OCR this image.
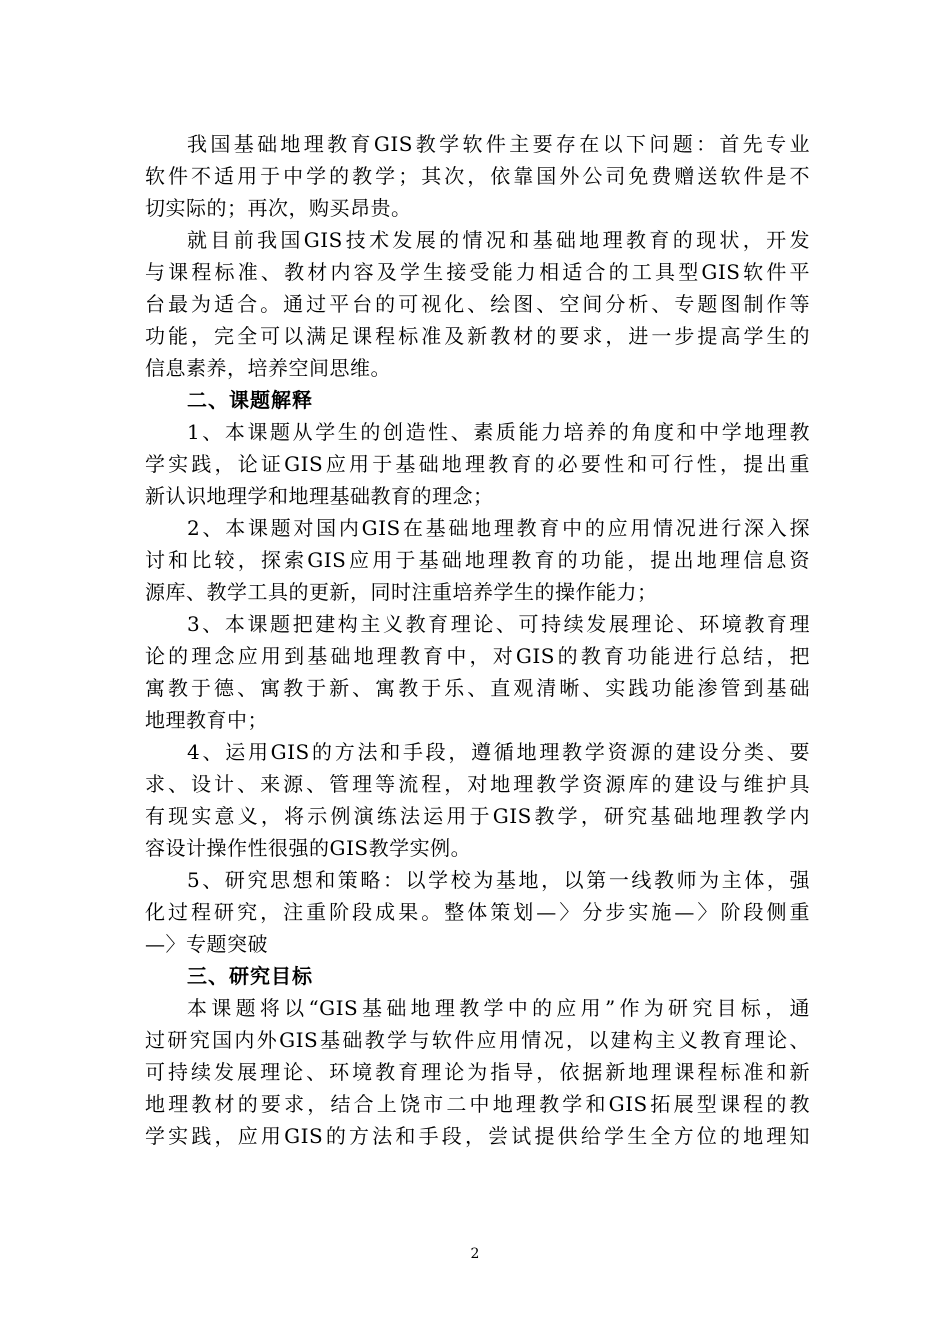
我国基础地理教育GIS教学软件主要存在以下问题：首先专业
软件不适用于中学的教学；其次，依靠国外公司免费赠送软件是不
切实际的；再次，购买昂贵。
就目前我国GIS技术发展的情况和基础地理教育的现状，开发
与课程标准、教材内容及学生接受能力相适合的工具型GIS软件平
台最为适合。通过平台的可视化、绘图、空间分析、专题图制作等
功能，完全可以满足课程标准及新教材的要求，进一步提高学生的
信息素养，培养空间思维。
二、课题解释
1、本课题从学生的创造性、素质能力培养的角度和中学地理教
学实践，论证GIS应用于基础地理教育的必要性和可行性，提出重
新认识地理学和地理基础教育的理念；
2、本课题对国内GIS在基础地理教育中的应用情况进行深入探
讨和比较，探索GIS应用于基础地理教育的功能，提出地理信息资
源库、教学工具的更新，同时注重培养学生的操作能力；
3、本课题把建构主义教育理论、可持续发展理论、环境教育理
论的理念应用到基础地理教育中，对GIS的教育功能进行总结，把
寓教于德、寓教于新、寓教于乐、直观清晰、实践功能渗管到基础
地理教育中；
4、运用GIS的方法和手段，遵循地理教学资源的建设分类、要
求、设计、来源、管理等流程，对地理教学资源库的建设与维护具
有现实意义，将示例演练法运用于GIS教学，研究基础地理教学内
容设计操作性很强的GIS教学实例。
5、研究思想和策略：以学校为基地，以第一线教师为主体，强
化过程研究，注重阶段成果。整体策划—〉分步实施—〉阶段侧重
—〉专题突破
三、研究目标
本课题将以“GIS基础地理教学中的应用”作为研究目标，通
过研究国内外GIS基础教学与软件应用情况，以建构主义教育理论、
可持续发展理论、环境教育理论为指导，依据新地理课程标准和新
地理教材的要求，结合上饶市二中地理教学和GIS拓展型课程的教
学实践，应用GIS的方法和手段，尝试提供给学生全方位的地理知
2
